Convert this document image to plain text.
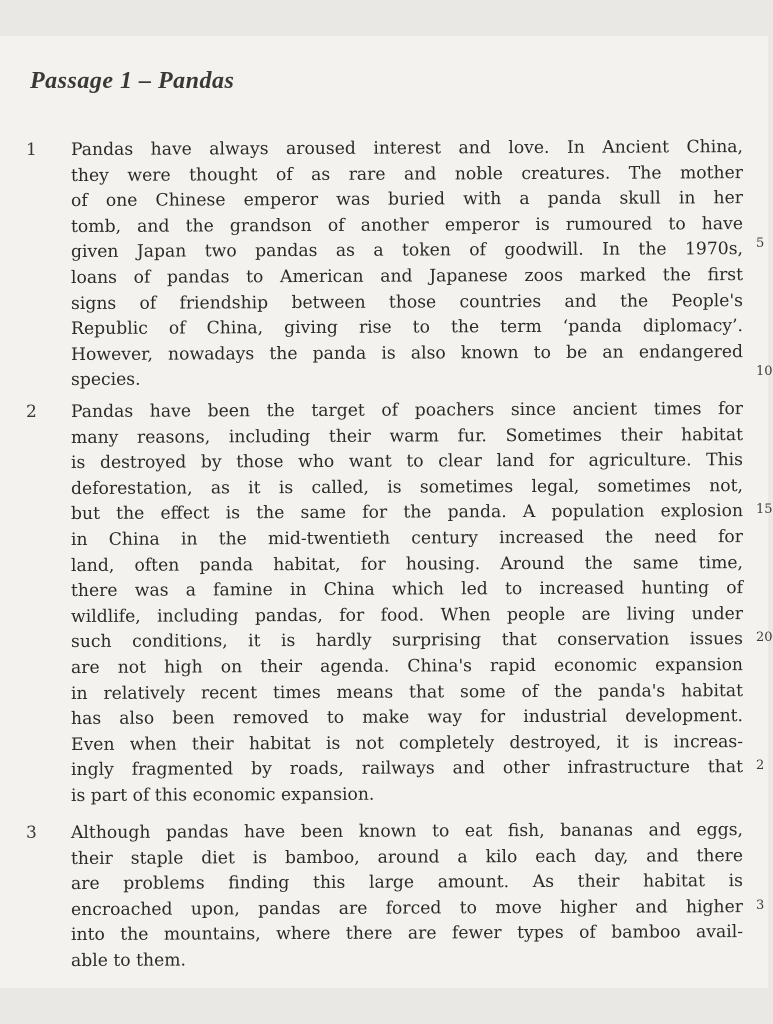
Passage 1 – Pandas
1	Pandas have always aroused interest and love. In Ancient China,
they were thought of as rare and noble creatures. The mother
of one Chinese emperor was buried with a panda skull in her
tomb, and the grandson of another emperor is rumoured to have
given Japan two pandas as a token of goodwill. In the 1970s,
loans of pandas to American and Japanese zoos marked the first
signs of friendship between those countries and the People's
Republic of China, giving rise to the term ‘panda diplomacy’.
However, nowadays the panda is also known to be an endangered
species.
2	Pandas have been the target of poachers since ancient times for
many reasons, including their warm fur. Sometimes their habitat
is destroyed by those who want to clear land for agriculture. This
deforestation, as it is called, is sometimes legal, sometimes not,
but the effect is the same for the panda. A population explosion
in China in the mid-twentieth century increased the need for
land, often panda habitat, for housing. Around the same time,
there was a famine in China which led to increased hunting of
wildlife, including pandas, for food. When people are living under
such conditions, it is hardly surprising that conservation issues
are not high on their agenda. China's rapid economic expansion
in relatively recent times means that some of the panda's habitat
has also been removed to make way for industrial development.
Even when their habitat is not completely destroyed, it is increas-
ingly fragmented by roads, railways and other infrastructure that
is part of this economic expansion.
3	Although pandas have been known to eat fish, bananas and eggs,
their staple diet is bamboo, around a kilo each day, and there
are problems finding this large amount. As their habitat is
encroached upon, pandas are forced to move higher and higher
into the mountains, where there are fewer types of bamboo avail-
able to them.
5
10
15
20
2
3
